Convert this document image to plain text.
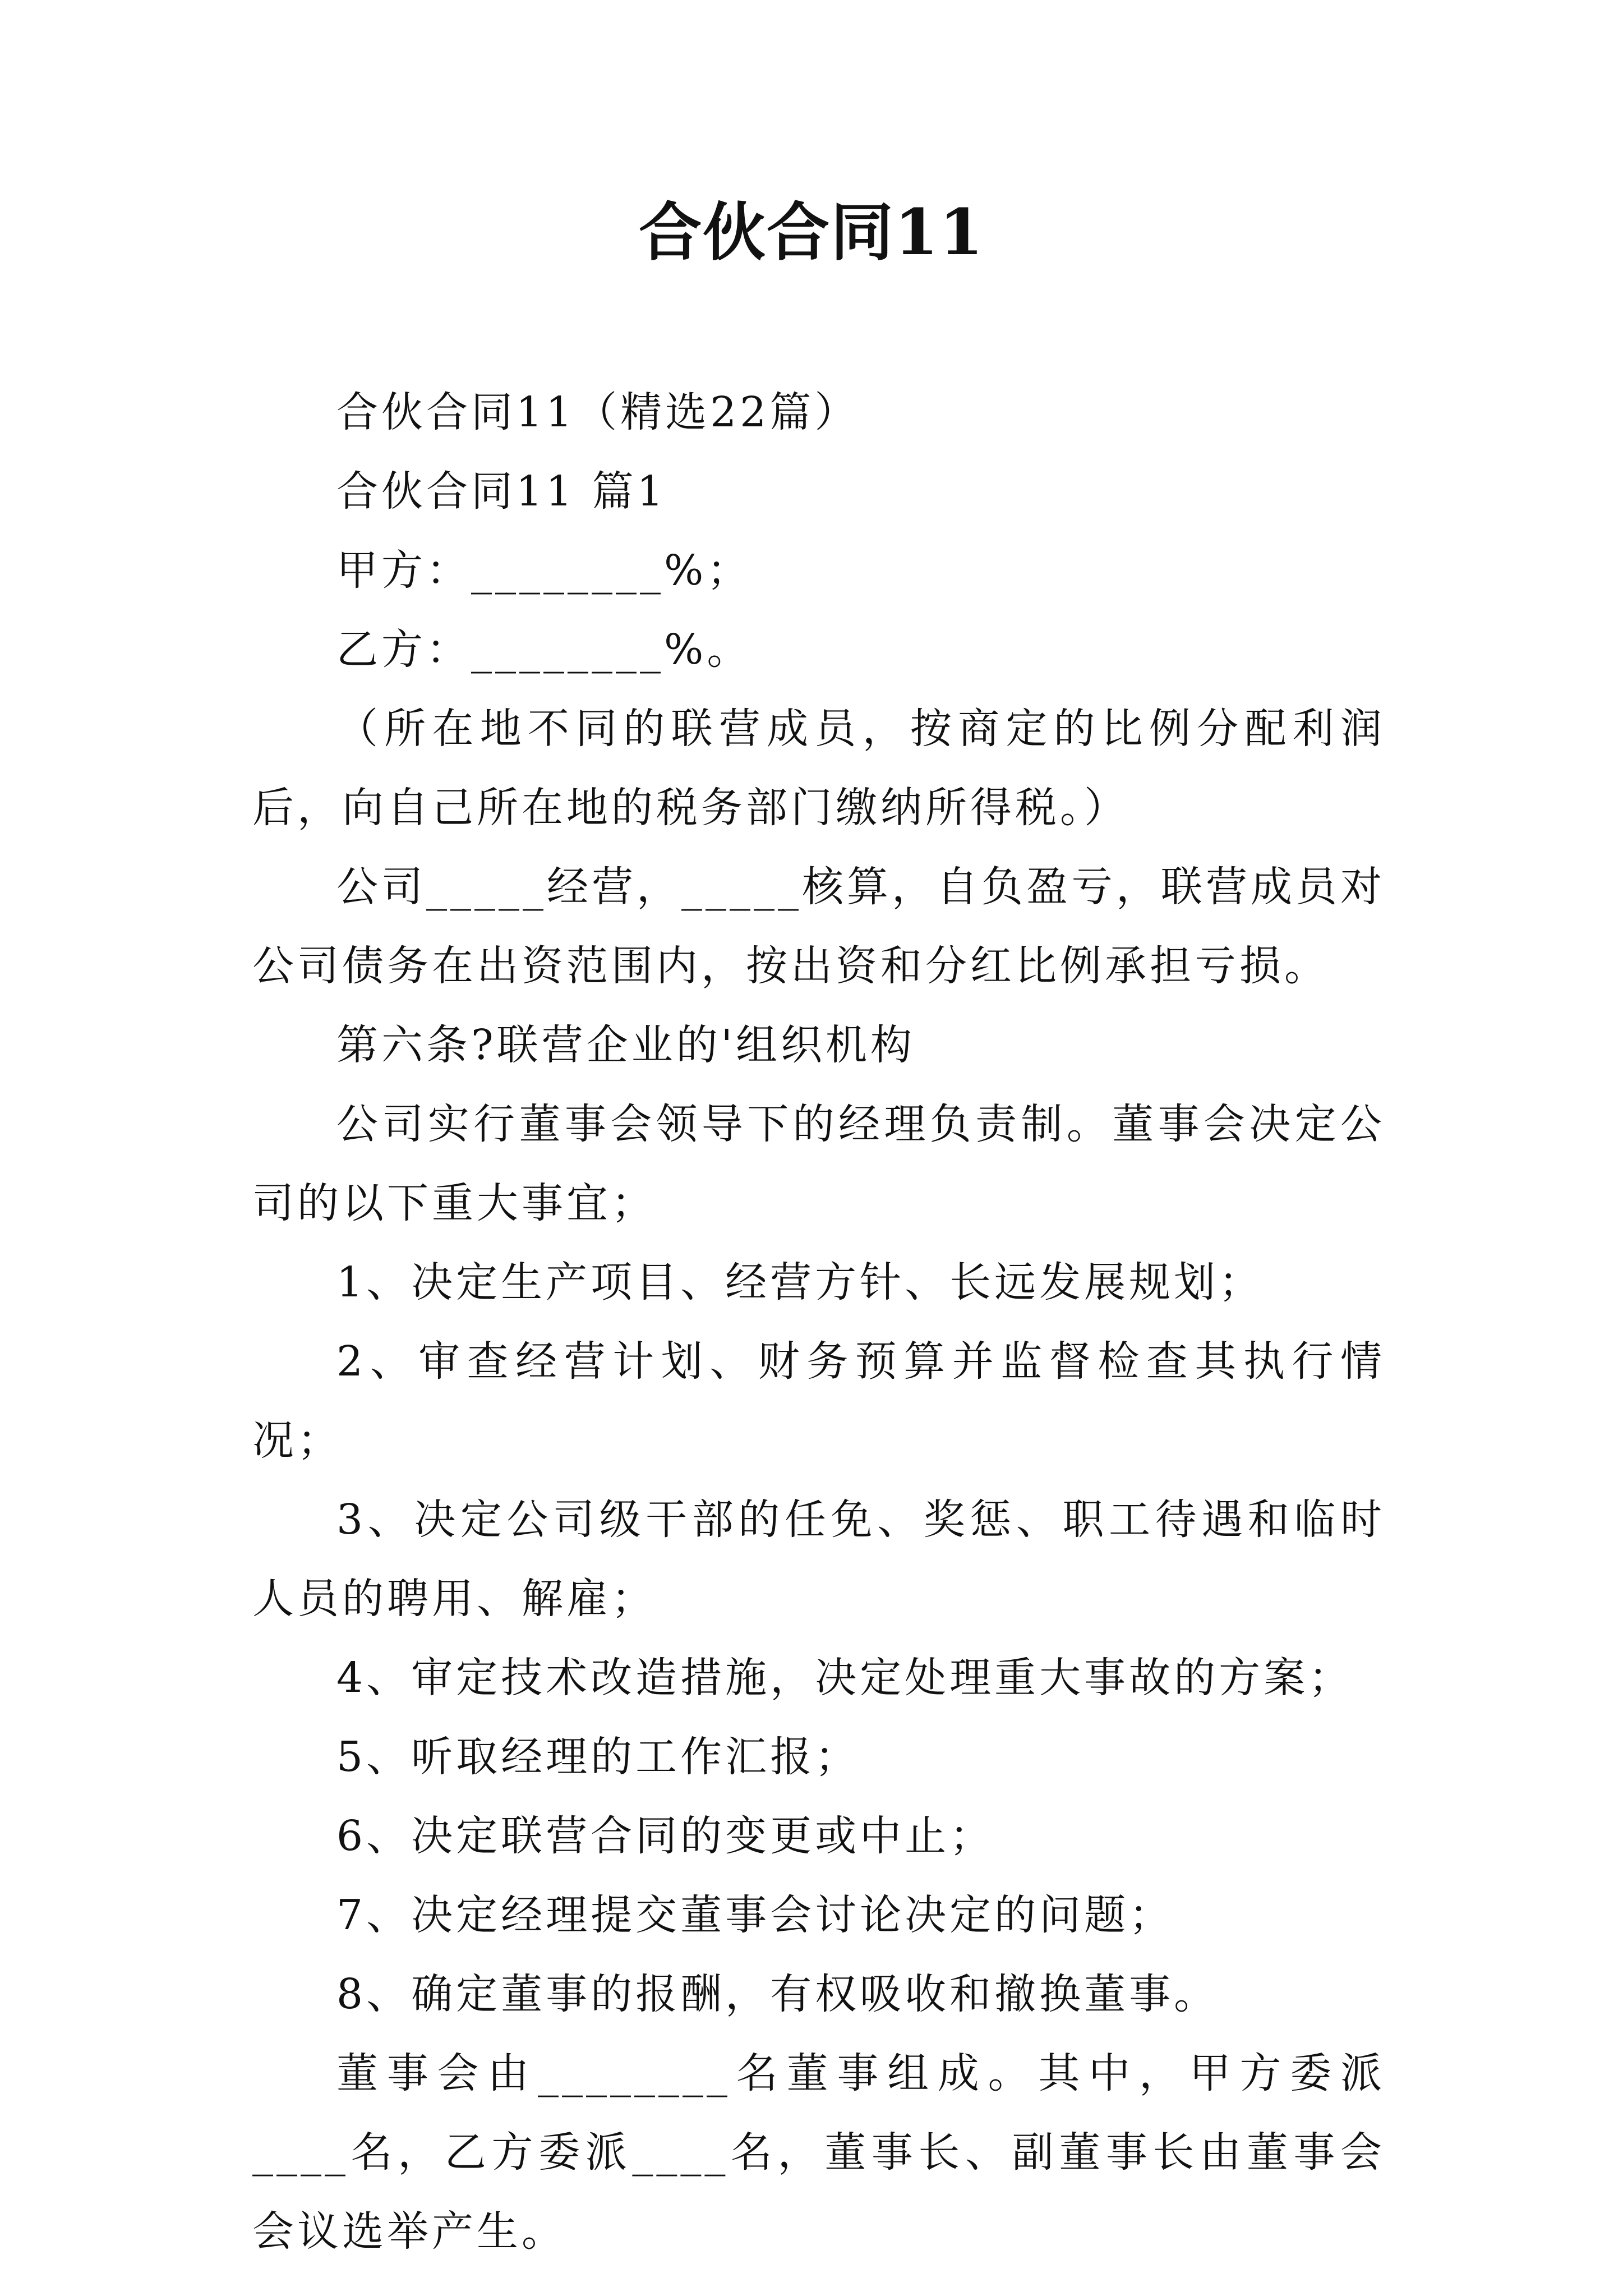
合伙合同11

合伙合同11（精选22篇）

合伙合同11 篇1

甲方：________%；

乙方：________%。

（所在地不同的联营成员，按商定的比例分配利润后，向自己所在地的税务部门缴纳所得税。）

公司_____经营，_____核算，自负盈亏，联营成员对公司债务在出资范围内，按出资和分红比例承担亏损。

第六条?联营企业的'组织机构

公司实行董事会领导下的经理负责制。董事会决定公司的以下重大事宜；

1、决定生产项目、经营方针、长远发展规划；

2、审查经营计划、财务预算并监督检查其执行情况；

3、决定公司级干部的任免、奖惩、职工待遇和临时人员的聘用、解雇；

4、审定技术改造措施，决定处理重大事故的方案；

5、听取经理的工作汇报；

6、决定联营合同的变更或中止；

7、决定经理提交董事会讨论决定的问题；

8、确定董事的报酬，有权吸收和撤换董事。

董事会由________名董事组成。其中，甲方委派____名，乙方委派____名，董事长、副董事长由董事会会议选举产生。
